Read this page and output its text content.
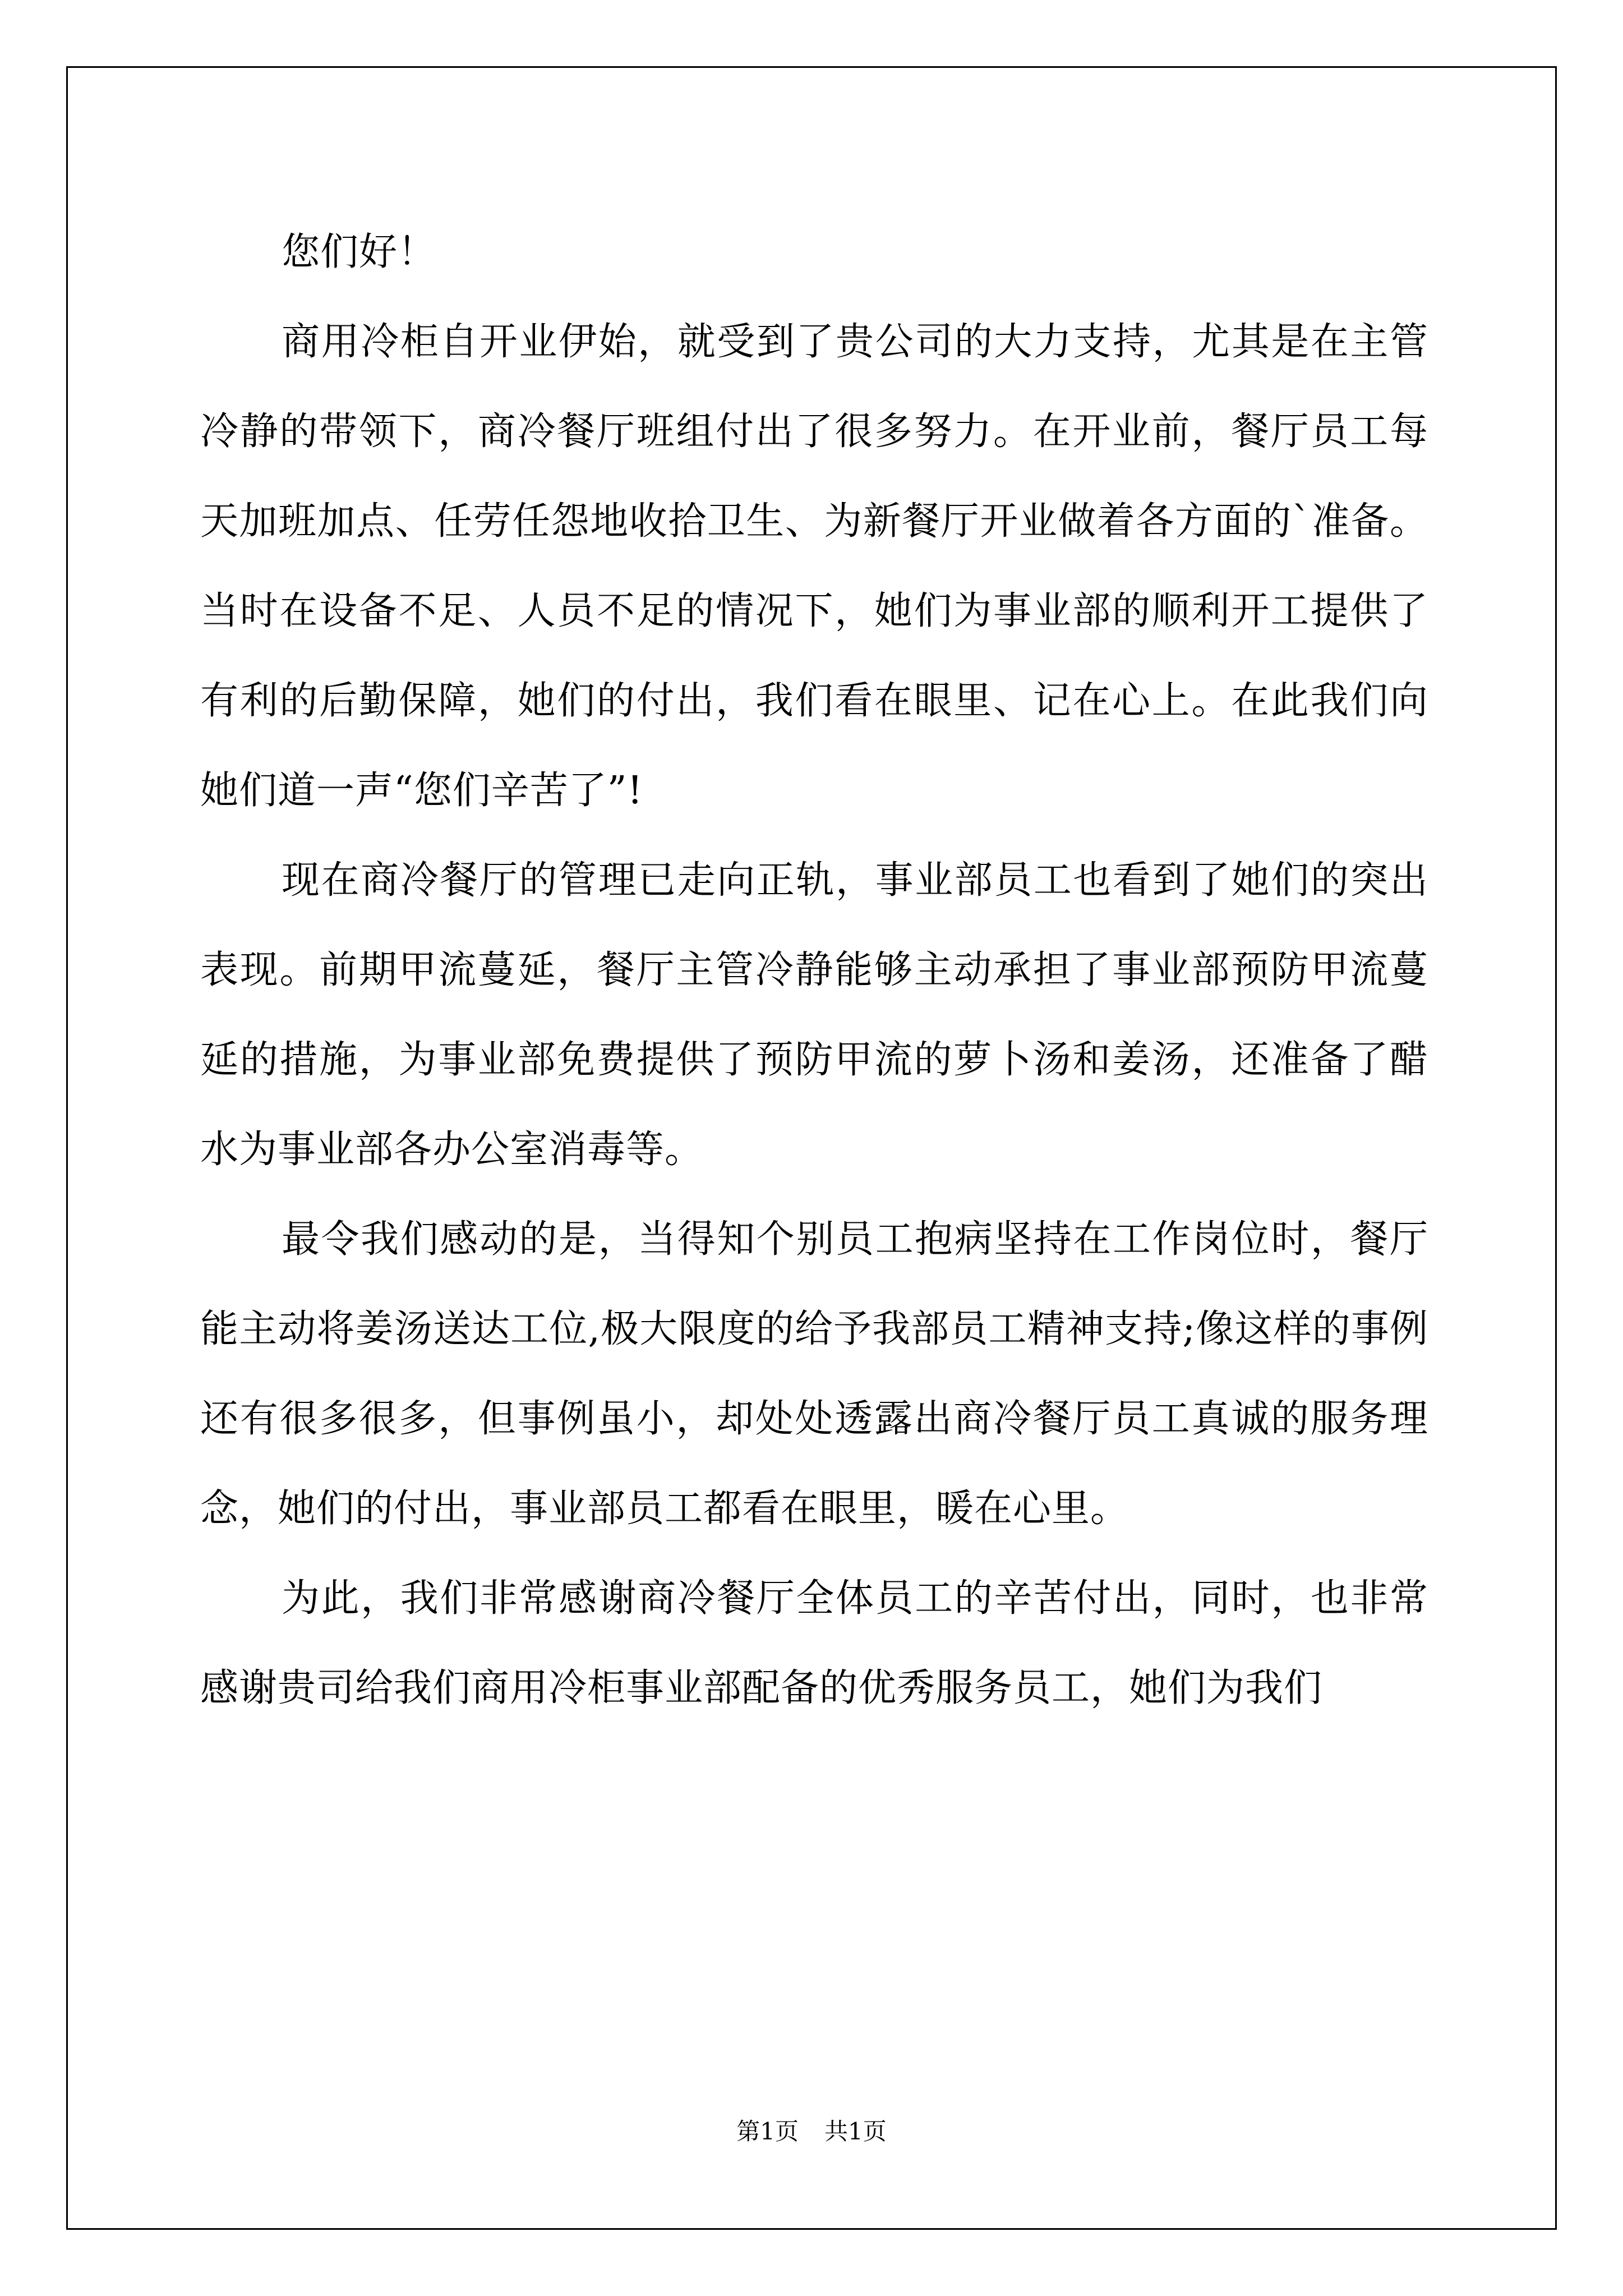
您们好！

商用冷柜自开业伊始，就受到了贵公司的大力支持，尤其是在主管冷静的带领下，商冷餐厅班组付出了很多努力。在开业前，餐厅员工每天加班加点、任劳任怨地收拾卫生、为新餐厅开业做着各方面的`准备。当时在设备不足、人员不足的情况下，她们为事业部的顺利开工提供了有利的后勤保障，她们的付出，我们看在眼里、记在心上。在此我们向她们道一声“您们辛苦了”!

现在商冷餐厅的管理已走向正轨，事业部员工也看到了她们的突出表现。前期甲流蔓延，餐厅主管冷静能够主动承担了事业部预防甲流蔓延的措施，为事业部免费提供了预防甲流的萝卜汤和姜汤，还准备了醋水为事业部各办公室消毒等。

最令我们感动的是，当得知个别员工抱病坚持在工作岗位时，餐厅能主动将姜汤送达工位,极大限度的给予我部员工精神支持;像这样的事例还有很多很多，但事例虽小，却处处透露出商冷餐厅员工真诚的服务理念，她们的付出，事业部员工都看在眼里，暖在心里。

为此，我们非常感谢商冷餐厅全体员工的辛苦付出，同时，也非常感谢贵司给我们商用冷柜事业部配备的优秀服务员工，她们为我们

第1页 共1页
